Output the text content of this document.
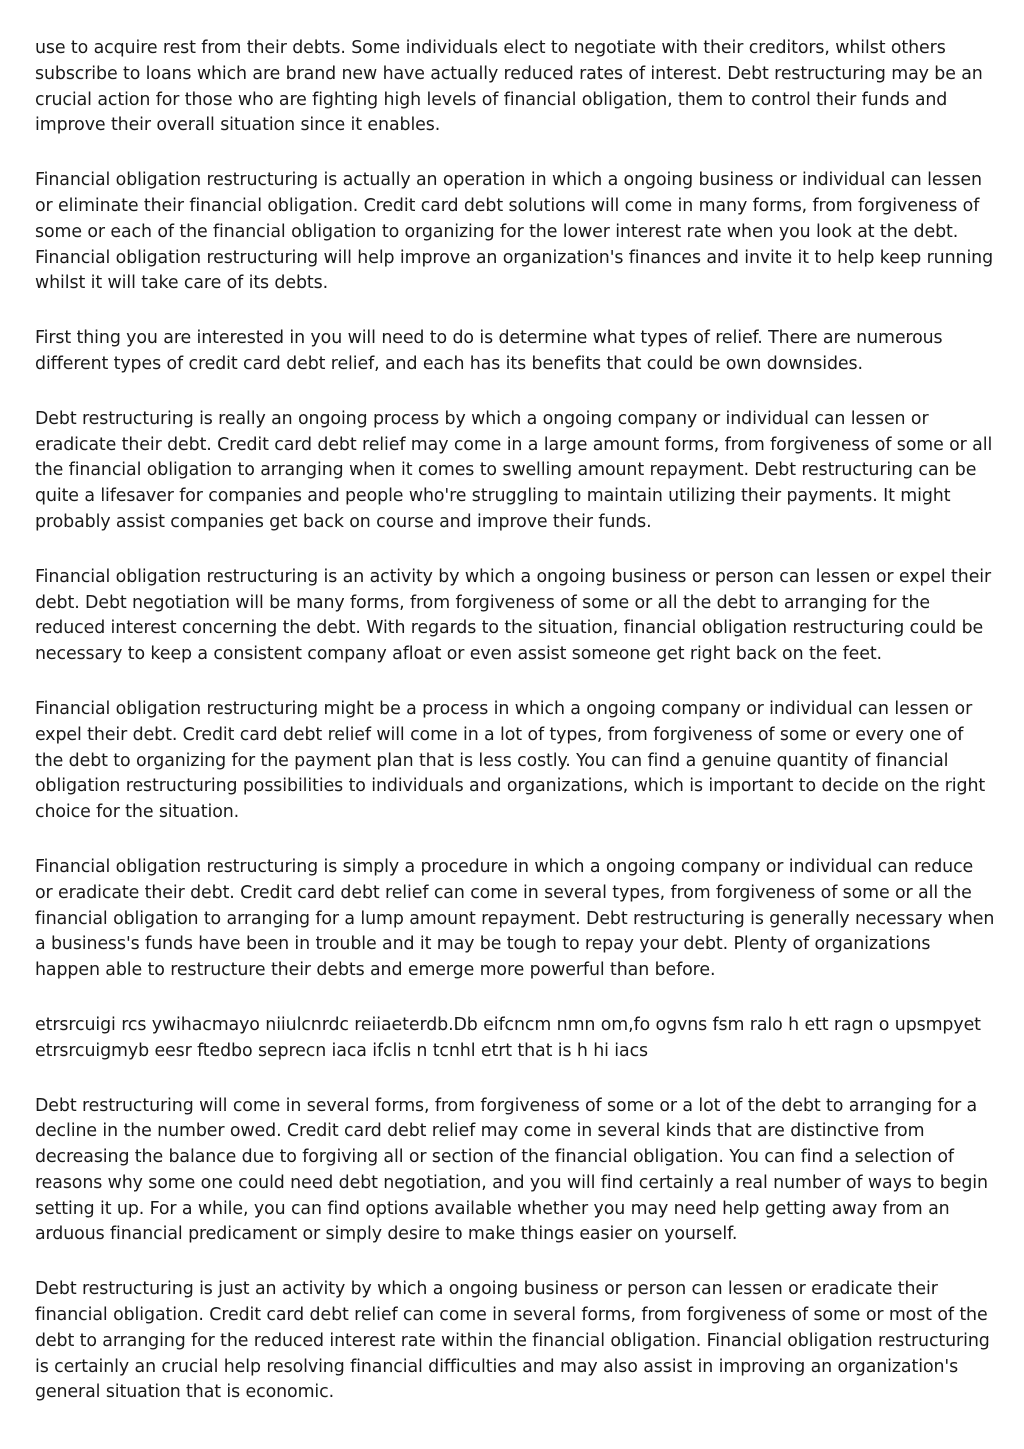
use to acquire rest from their debts. Some individuals elect to negotiate with their creditors, whilst others subscribe to loans which are brand new have actually reduced rates of interest. Debt restructuring may be an crucial action for those who are fighting high levels of financial obligation, them to control their funds and improve their overall situation since it enables.

Financial obligation restructuring is actually an operation in which a ongoing business or individual can lessen or eliminate their financial obligation. Credit card debt solutions will come in many forms, from forgiveness of some or each of the financial obligation to organizing for the lower interest rate when you look at the debt. Financial obligation restructuring will help improve an organization's finances and invite it to help keep running whilst it will take care of its debts.

First thing you are interested in you will need to do is determine what types of relief. There are numerous different types of credit card debt relief, and each has its benefits that could be own downsides.

Debt restructuring is really an ongoing process by which a ongoing company or individual can lessen or eradicate their debt. Credit card debt relief may come in a large amount forms, from forgiveness of some or all the financial obligation to arranging when it comes to swelling amount repayment. Debt restructuring can be quite a lifesaver for companies and people who're struggling to maintain utilizing their payments. It might probably assist companies get back on course and improve their funds.

Financial obligation restructuring is an activity by which a ongoing business or person can lessen or expel their debt. Debt negotiation will be many forms, from forgiveness of some or all the debt to arranging for the reduced interest concerning the debt. With regards to the situation, financial obligation restructuring could be necessary to keep a consistent company afloat or even assist someone get right back on the feet.

Financial obligation restructuring might be a process in which a ongoing company or individual can lessen or expel their debt. Credit card debt relief will come in a lot of types, from forgiveness of some or every one of the debt to organizing for the payment plan that is less costly. You can find a genuine quantity of financial obligation restructuring possibilities to individuals and organizations, which is important to decide on the right choice for the situation.

Financial obligation restructuring is simply a procedure in which a ongoing company or individual can reduce or eradicate their debt. Credit card debt relief can come in several types, from forgiveness of some or all the financial obligation to arranging for a lump amount repayment. Debt restructuring is generally necessary when a business's funds have been in trouble and it may be tough to repay your debt. Plenty of organizations happen able to restructure their debts and emerge more powerful than before.

etrsrcuigi rcs ywihacmayo niiulcnrdc reiiaeterdb.Db eifcncm nmn om,fo ogvns fsm ralo h ett ragn o upsmpyet etrsrcuigmyb eesr ftedbo seprecn iaca ifclis n tcnhl etrt that is h hi iacs

Debt restructuring will come in several forms, from forgiveness of some or a lot of the debt to arranging for a decline in the number owed. Credit card debt relief may come in several kinds that are distinctive from decreasing the balance due to forgiving all or section of the financial obligation. You can find a selection of reasons why some one could need debt negotiation, and you will find certainly a real number of ways to begin setting it up. For a while, you can find options available whether you may need help getting away from an arduous financial predicament or simply desire to make things easier on yourself.

Debt restructuring is just an activity by which a ongoing business or person can lessen or eradicate their financial obligation. Credit card debt relief can come in several forms, from forgiveness of some or most of the debt to arranging for the reduced interest rate within the financial obligation. Financial obligation restructuring is certainly an crucial help resolving financial difficulties and may also assist in improving an organization's general situation that is economic.
